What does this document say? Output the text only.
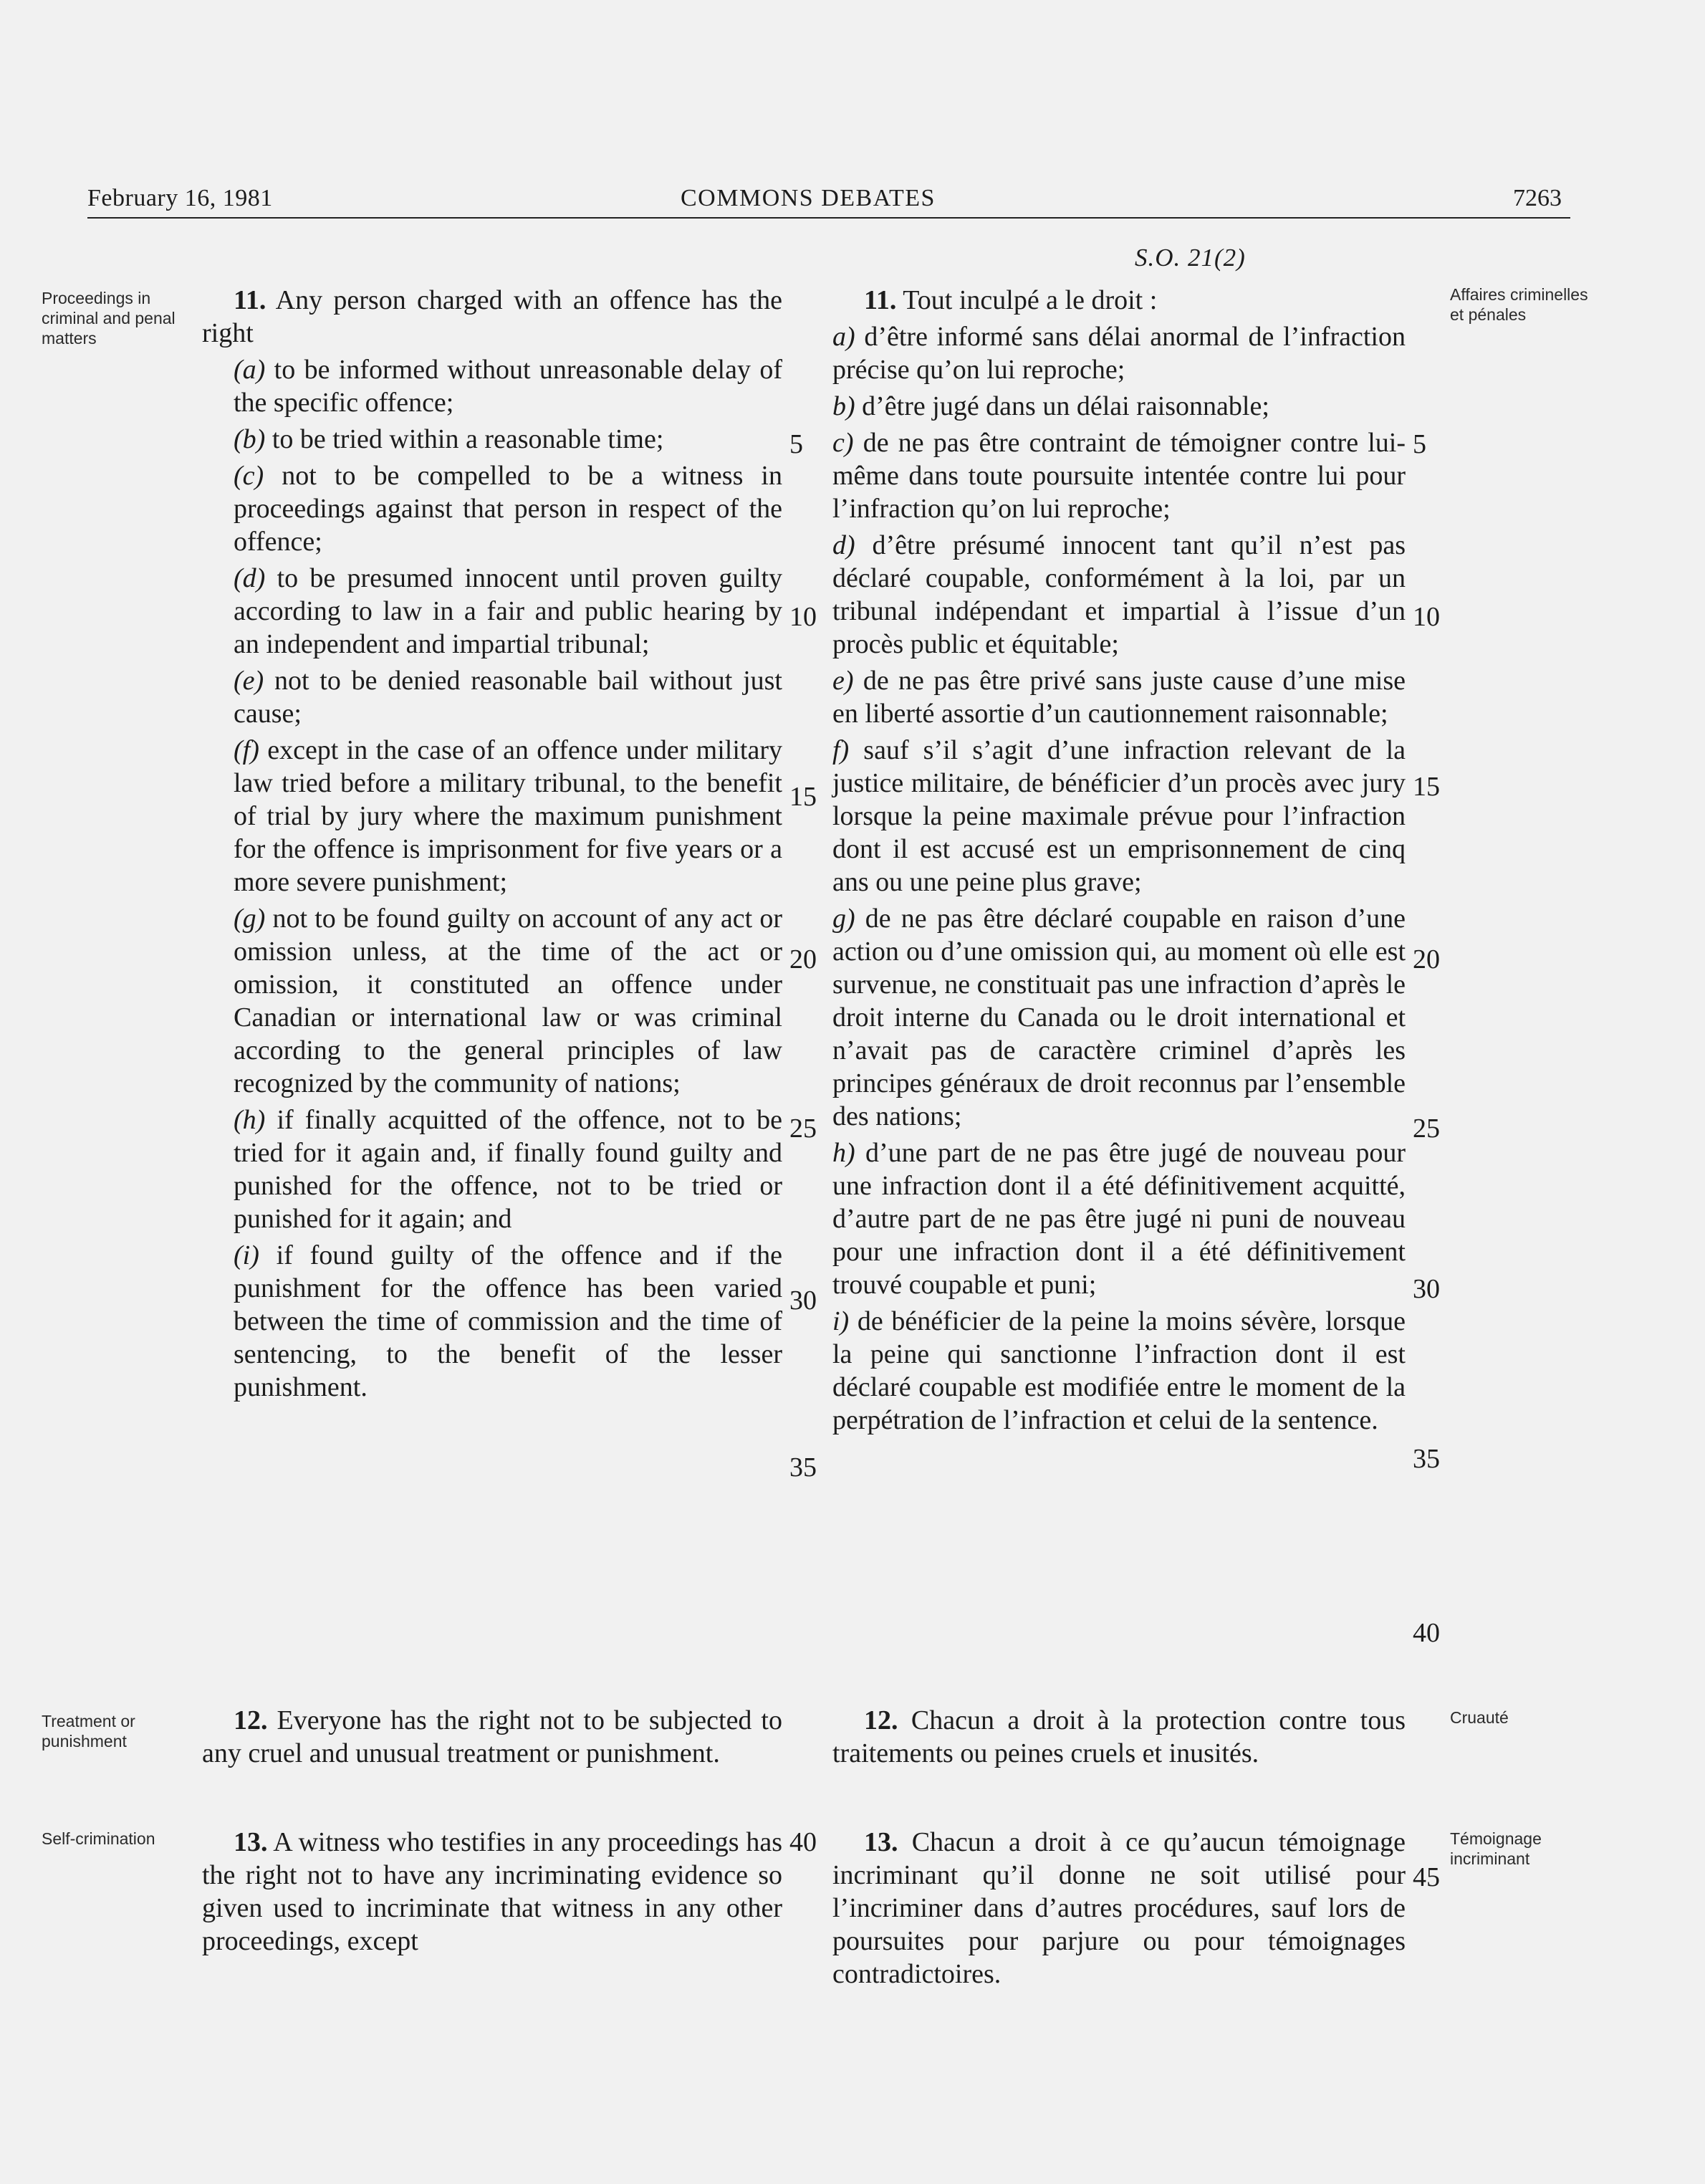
February 16, 1981	COMMONS DEBATES	7263
S.O. 21(2)
Proceedings in criminal and penal matters
Affaires criminelles et pénales
Treatment or punishment
Cruauté
Self-crimination	Témoignage incriminant

11. Any person charged with an offence has the right

(a) to be informed without unreasonable delay of the specific offence;

(b) to be tried within a reasonable time;

(c) not to be compelled to be a witness in proceedings against that person in respect of the offence;

(d) to be presumed innocent until proven guilty according to law in a fair and public hearing by an independent and impartial tribunal;

(e) not to be denied reasonable bail without just cause;

(f) except in the case of an offence under military law tried before a military tribunal, to the benefit of trial by jury where the maximum punishment for the offence is imprisonment for five years or a more severe punishment;

(g) not to be found guilty on account of any act or omission unless, at the time of the act or omission, it constituted an offence under Canadian or international law or was criminal according to the general principles of law recognized by the community of nations;

(h) if finally acquitted of the offence, not to be tried for it again and, if finally found guilty and punished for the offence, not to be tried or punished for it again; and

(i) if found guilty of the offence and if the punishment for the offence has been varied between the time of commission and the time of sentencing, to the benefit of the lesser punishment.

11. Tout inculpé a le droit :

a) d’être informé sans délai anormal de l’infraction précise qu’on lui reproche;

b) d’être jugé dans un délai raisonnable;

c) de ne pas être contraint de témoigner contre lui-même dans toute poursuite intentée contre lui pour l’infraction qu’on lui reproche;

d) d’être présumé innocent tant qu’il n’est pas déclaré coupable, conformément à la loi, par un tribunal indépendant et impartial à l’issue d’un procès public et équitable;

e) de ne pas être privé sans juste cause d’une mise en liberté assortie d’un cautionnement raisonnable;

f) sauf s’il s’agit d’une infraction relevant de la justice militaire, de bénéficier d’un procès avec jury lorsque la peine maximale prévue pour l’infraction dont il est accusé est un emprisonnement de cinq ans ou une peine plus grave;

g) de ne pas être déclaré coupable en raison d’une action ou d’une omission qui, au moment où elle est survenue, ne constituait pas une infraction d’après le droit interne du Canada ou le droit international et n’avait pas de caractère criminel d’après les principes généraux de droit reconnus par l’ensemble des nations;

h) d’une part de ne pas être jugé de nouveau pour une infraction dont il a été définitivement acquitté, d’autre part de ne pas être jugé ni puni de nouveau pour une infraction dont il a été définitivement trouvé coupable et puni;

i) de bénéficier de la peine la moins sévère, lorsque la peine qui sanctionne l’infraction dont il est déclaré coupable est modifiée entre le moment de la perpétration de l’infraction et celui de la sentence.

12. Everyone has the right not to be subjected to any cruel and unusual treatment or punishment.

12. Chacun a droit à la protection contre tous traitements ou peines cruels et inusités.

13. A witness who testifies in any proceedings has the right not to have any incriminating evidence so given used to incriminate that witness in any other proceedings, except

13. Chacun a droit à ce qu’aucun témoignage incriminant qu’il donne ne soit utilisé pour l’incriminer dans d’autres procédures, sauf lors de poursuites pour parjure ou pour témoignages contradictoires.

5
10
15
20
25
30
35
40
5
10
15
20
25
30
35
40
45
